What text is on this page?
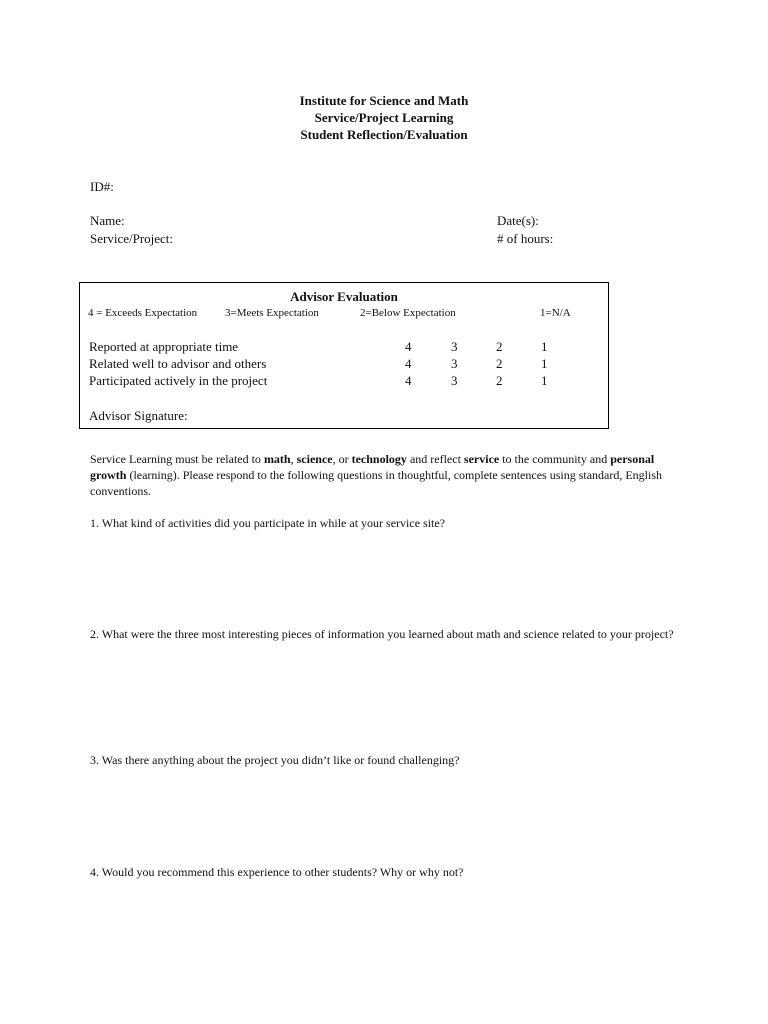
Institute for Science and Math
Service/Project Learning
Student Reflection/Evaluation
ID#:
Name:	Date(s):
Service/Project:	# of hours:
Advisor Evaluation
4 = Exceeds Expectation	3=Meets Expectation	2=Below Expectation	1=N/A
Reported at appropriate time	4	3	2	1
Related well to advisor and others	4	3	2	1
Participated actively in the project	4	3	2	1
Advisor Signature:
Service Learning must be related to math, science, or technology and reflect service to the community and personal growth (learning). Please respond to the following questions in thoughtful, complete sentences using standard, English conventions.
1. What kind of activities did you participate in while at your service site?
2. What were the three most interesting pieces of information you learned about math and science related to your project?
3. Was there anything about the project you didn’t like or found challenging?
4. Would you recommend this experience to other students? Why or why not?
